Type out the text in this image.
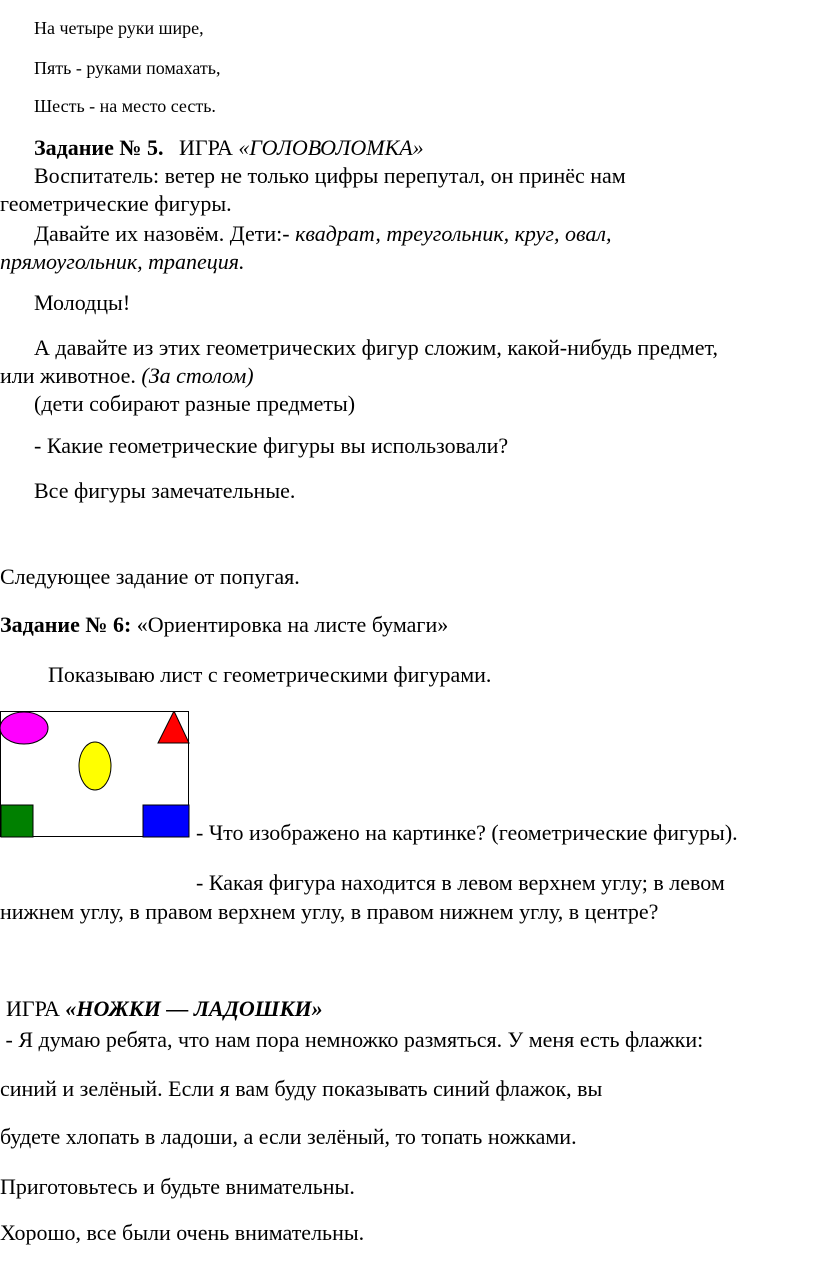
На четыре руки шире,
Пять - руками помахать,
Шесть - на место сесть.
Задание № 5. ИГРА «ГОЛОВОЛОМКА»
Воспитатель: ветер не только цифры перепутал, он принёс нам
геометрические фигуры.
Давайте их назовём. Дети:- квадрат, треугольник, круг, овал,
прямоугольник, трапеция.
Молодцы!
А давайте из этих геометрических фигур сложим, какой-нибудь предмет,
или животное. (За столом)
(дети собирают разные предметы)
- Какие геометрические фигуры вы использовали?
Все фигуры замечательные.
Следующее задание от попугая.
Задание № 6: «Ориентировка на листе бумаги»
Показываю лист с геометрическими фигурами.
- Что изображено на картинке? (геометрические фигуры).
- Какая фигура находится в левом верхнем углу; в левом
нижнем углу, в правом верхнем углу, в правом нижнем углу, в центре?
ИГРА «НОЖКИ — ЛАДОШКИ»
- Я думаю ребята, что нам пора немножко размяться. У меня есть флажки:
синий и зелёный. Если я вам буду показывать синий флажок, вы
будете хлопать в ладоши, а если зелёный, то топать ножками.
Приготовьтесь и будьте внимательны.
Хорошо, все были очень внимательны.
